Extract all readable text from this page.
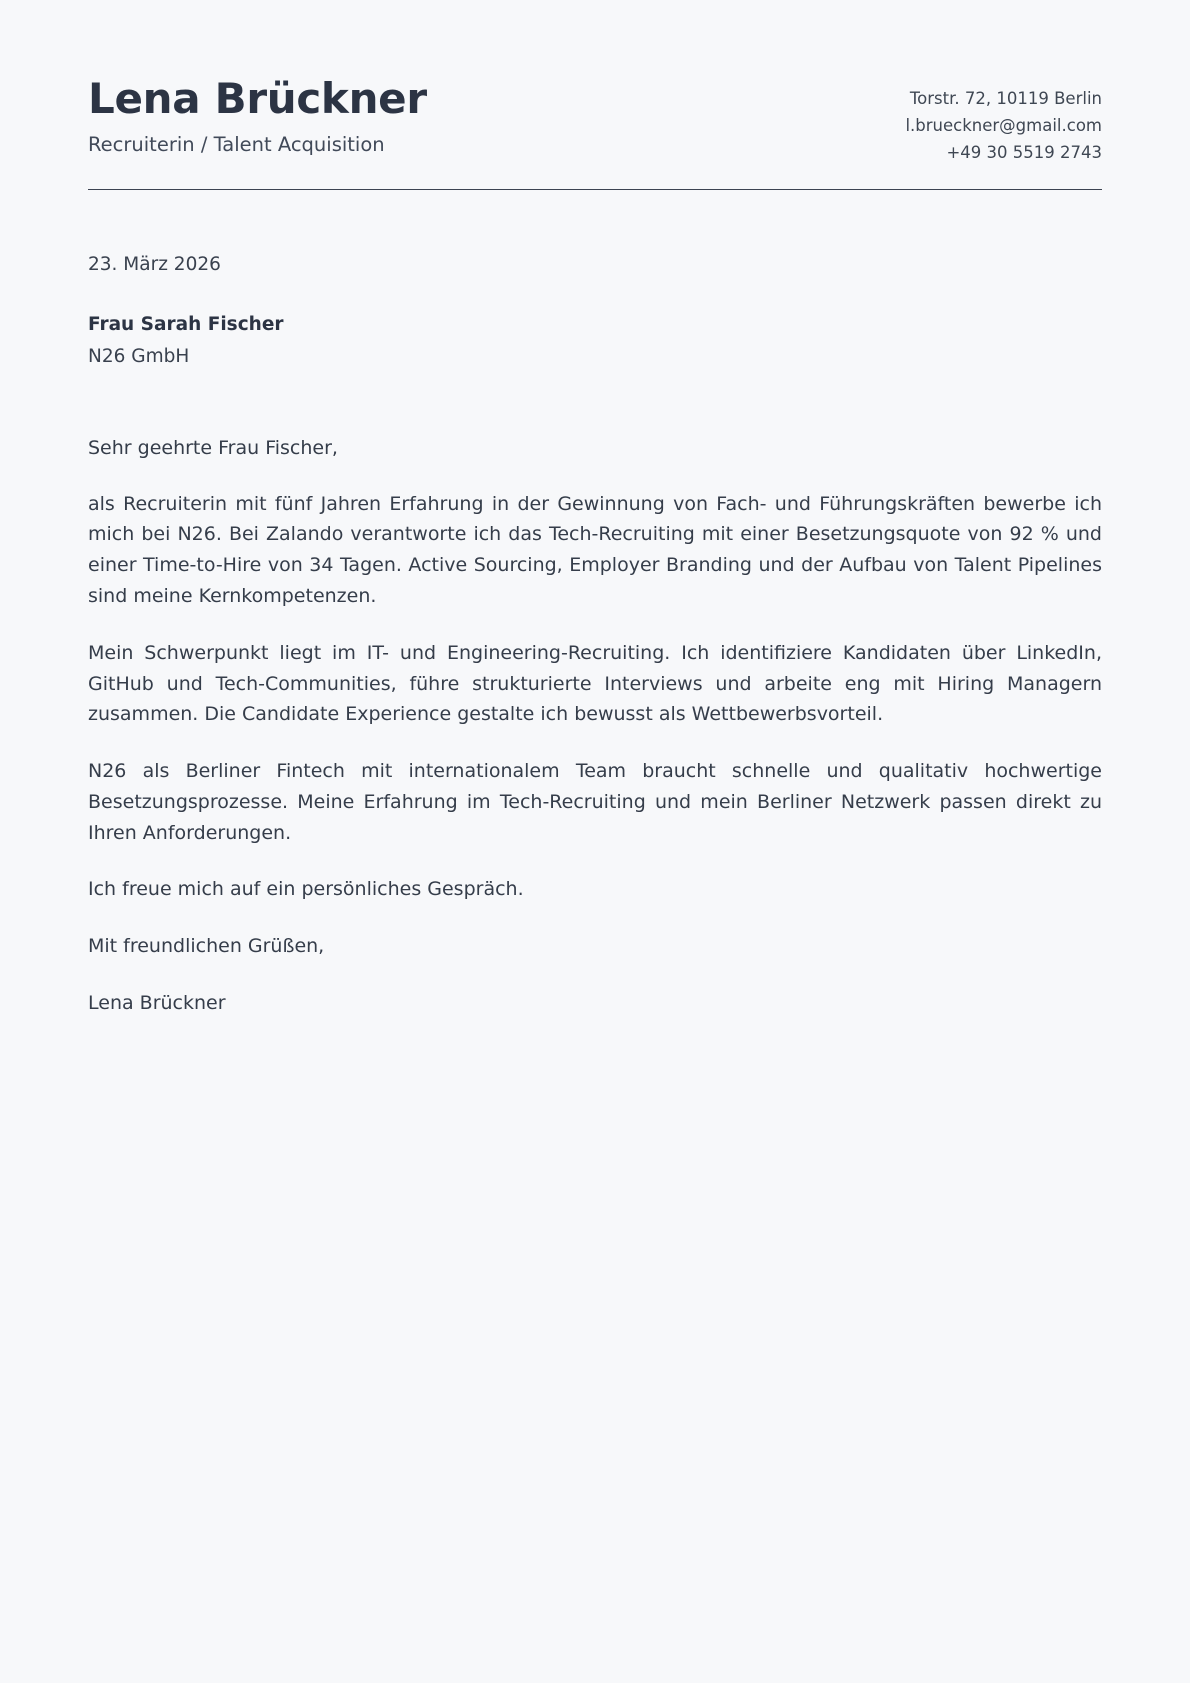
Lena Brückner

Recruiterin / Talent Acquisition

Torstr. 72, 10119 Berlin
l.brueckner@gmail.com
+49 30 5519 2743

23. März 2026

Frau Sarah Fischer

N26 GmbH

Sehr geehrte Frau Fischer,

als Recruiterin mit fünf Jahren Erfahrung in der Gewinnung von Fach- und Führungskräften bewerbe ich mich bei N26. Bei Zalando verantworte ich das Tech-Recruiting mit einer Besetzungsquote von 92 % und einer Time-to-Hire von 34 Tagen. Active Sourcing, Employer Branding und der Aufbau von Talent Pipelines sind meine Kernkompetenzen.

Mein Schwerpunkt liegt im IT- und Engineering-Recruiting. Ich identifiziere Kandidaten über LinkedIn, GitHub und Tech-Communities, führe strukturierte Interviews und arbeite eng mit Hiring Managern zusammen. Die Candidate Experience gestalte ich bewusst als Wettbewerbsvorteil.

N26 als Berliner Fintech mit internationalem Team braucht schnelle und qualitativ hochwertige Besetzungsprozesse. Meine Erfahrung im Tech-Recruiting und mein Berliner Netzwerk passen direkt zu Ihren Anforderungen.

Ich freue mich auf ein persönliches Gespräch.

Mit freundlichen Grüßen,

Lena Brückner
